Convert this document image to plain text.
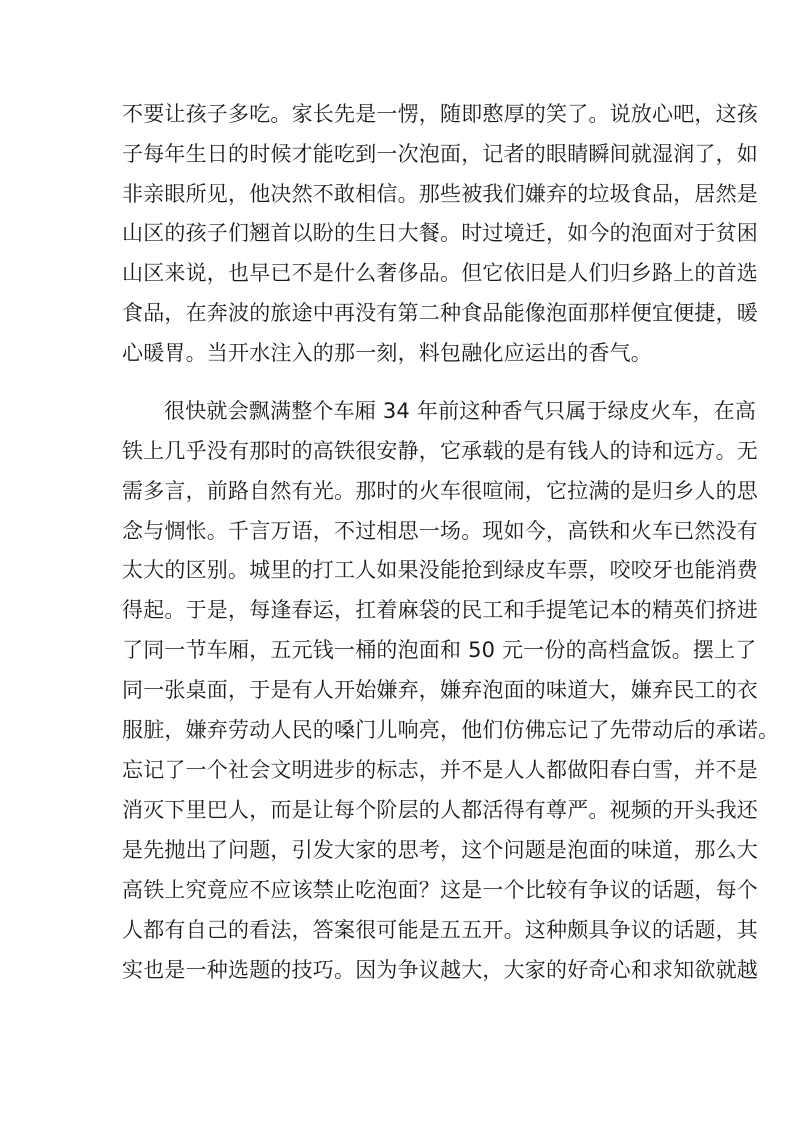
不要让孩子多吃。家长先是一愣，随即憨厚的笑了。说放心吧，这孩
子每年生日的时候才能吃到一次泡面，记者的眼睛瞬间就湿润了，如
非亲眼所见，他决然不敢相信。那些被我们嫌弃的垃圾食品，居然是
山区的孩子们翘首以盼的生日大餐。时过境迁，如今的泡面对于贫困
山区来说，也早已不是什么奢侈品。但它依旧是人们归乡路上的首选
食品，在奔波的旅途中再没有第二种食品能像泡面那样便宜便捷，暖
心暖胃。当开水注入的那一刻，料包融化应运出的香气。
很快就会飘满整个车厢 34 年前这种香气只属于绿皮火车，在高
铁上几乎没有那时的高铁很安静，它承载的是有钱人的诗和远方。无
需多言，前路自然有光。那时的火车很喧闹，它拉满的是归乡人的思
念与惆怅。千言万语，不过相思一场。现如今，高铁和火车已然没有
太大的区别。城里的打工人如果没能抢到绿皮车票，咬咬牙也能消费
得起。于是，每逢春运，扛着麻袋的民工和手提笔记本的精英们挤进
了同一节车厢，五元钱一桶的泡面和 50 元一份的高档盒饭。摆上了
同一张桌面，于是有人开始嫌弃，嫌弃泡面的味道大，嫌弃民工的衣
服脏，嫌弃劳动人民的嗓门儿响亮，他们仿佛忘记了先带动后的承诺。
忘记了一个社会文明进步的标志，并不是人人都做阳春白雪，并不是
消灭下里巴人，而是让每个阶层的人都活得有尊严。视频的开头我还
是先抛出了问题，引发大家的思考，这个问题是泡面的味道，那么大
高铁上究竟应不应该禁止吃泡面？这是一个比较有争议的话题，每个
人都有自己的看法，答案很可能是五五开。这种颇具争议的话题，其
实也是一种选题的技巧。因为争议越大，大家的好奇心和求知欲就越
